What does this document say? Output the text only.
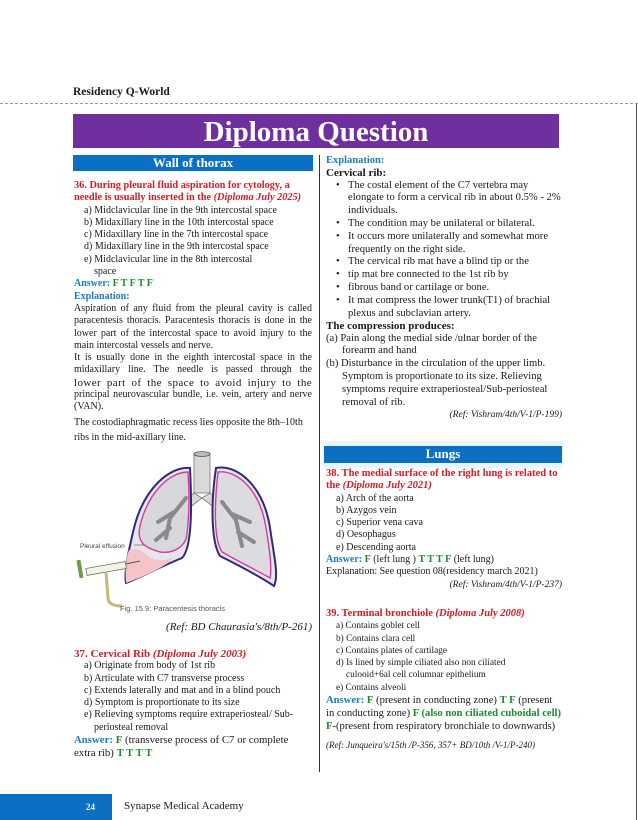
Residency Q-World
Diploma Question
Wall of thorax
36. During pleural fluid aspiration for cytology, a needle is usually inserted in the (Diploma July 2025)
a) Midclavicular line in the 9th intercostal space
b) Midaxillary line in the 10th intercostal space
c) Midaxillary line in the 7th intercostal space
d) Midaxillary line in the 9th intercostal space
e) Midclavicular line in the 8th intercostal
space
Answer: F T F T F
Explanation:
Aspiration of any fluid from the pleural cavity is called paracentesis thoracis. Paracentesis thoracis is done in the lower part of the intercostal space to avoid injury to the main intercostal vessels and nerve.
It is usually done in the eighth intercostal space in the midaxillary line. The needle is passed through the
lower part of the space to avoid injury to the
principal neurovascular bundle, i.e. vein, artery and nerve (VAN).
The costodiaphragmatic recess lies opposite the 8th–10th ribs in the mid-axillary line.
Pleural effusion
Fig. 15.9: Paracentesis thoracis
(Ref: BD Chaurasia's/8th/P-261)
37. Cervical Rib (Diploma July 2003)
a) Originate from body of 1st rib
b) Articulate with C7 transverse process
c) Extends laterally and mat and in a blind pouch
d) Symptom is proportionate to its size
e) Relieving symptoms require extraperiosteal/ Sub-
periosteal removal
Answer: F (transverse process of C7 or complete extra rib) T T T T
Explanation:
Cervical rib:
• The costal element of the C7 vertebra may elongate to form a cervical rib in about 0.5% - 2% individuals.
• The condition may be unilateral or bilateral.
• It occurs more unilaterally and somewhat more frequently on the right side.
• The cervical rib mat have a blind tip or the
• tip mat bre connected to the 1st rib by
• fibrous band or cartilage or bone.
• It mat compress the lower trunk(T1) of brachial plexus and subclavian artery.
The compression produces:
(a) Pain along the medial side /ulnar border of the forearm and hand
(b) Disturbance in the circulation of the upper limb. Symptom is proportionate to its size. Relieving symptoms require extraperiosteal/Sub-periosteal removal of rib.
(Ref: Vishram/4th/V-1/P-199)
Lungs
38. The medial surface of the right lung is related to the (Diploma July 2021)
a) Arch of the aorta
b) Azygos vein
c) Superior vena cava
d) Oesophagus
e) Descending aorta
Answer: F (left lung ) T T T F (left lung)
Explanation: See question 08(residency march 2021)
(Ref: Vishram/4th/V-1/P-237)
39. Terminal bronchiole (Diploma July 2008)
a) Contains goblet cell
b) Contains clara cell
c) Contains plates of cartilage
d) Is lined by simple ciliated also non ciliated
culooid+6al cell columnar epithelium
e) Contains alveoli
Answer: F (present in conducting zone) T F (present in conducting zone) F (also non ciliated cuboidal cell) F-(present from respiratory bronchiale to downwards)
(Ref: Junqueira's/15th /P-356, 357+ BD/10th /V-1/P-240)
24	Synapse Medical Academy
